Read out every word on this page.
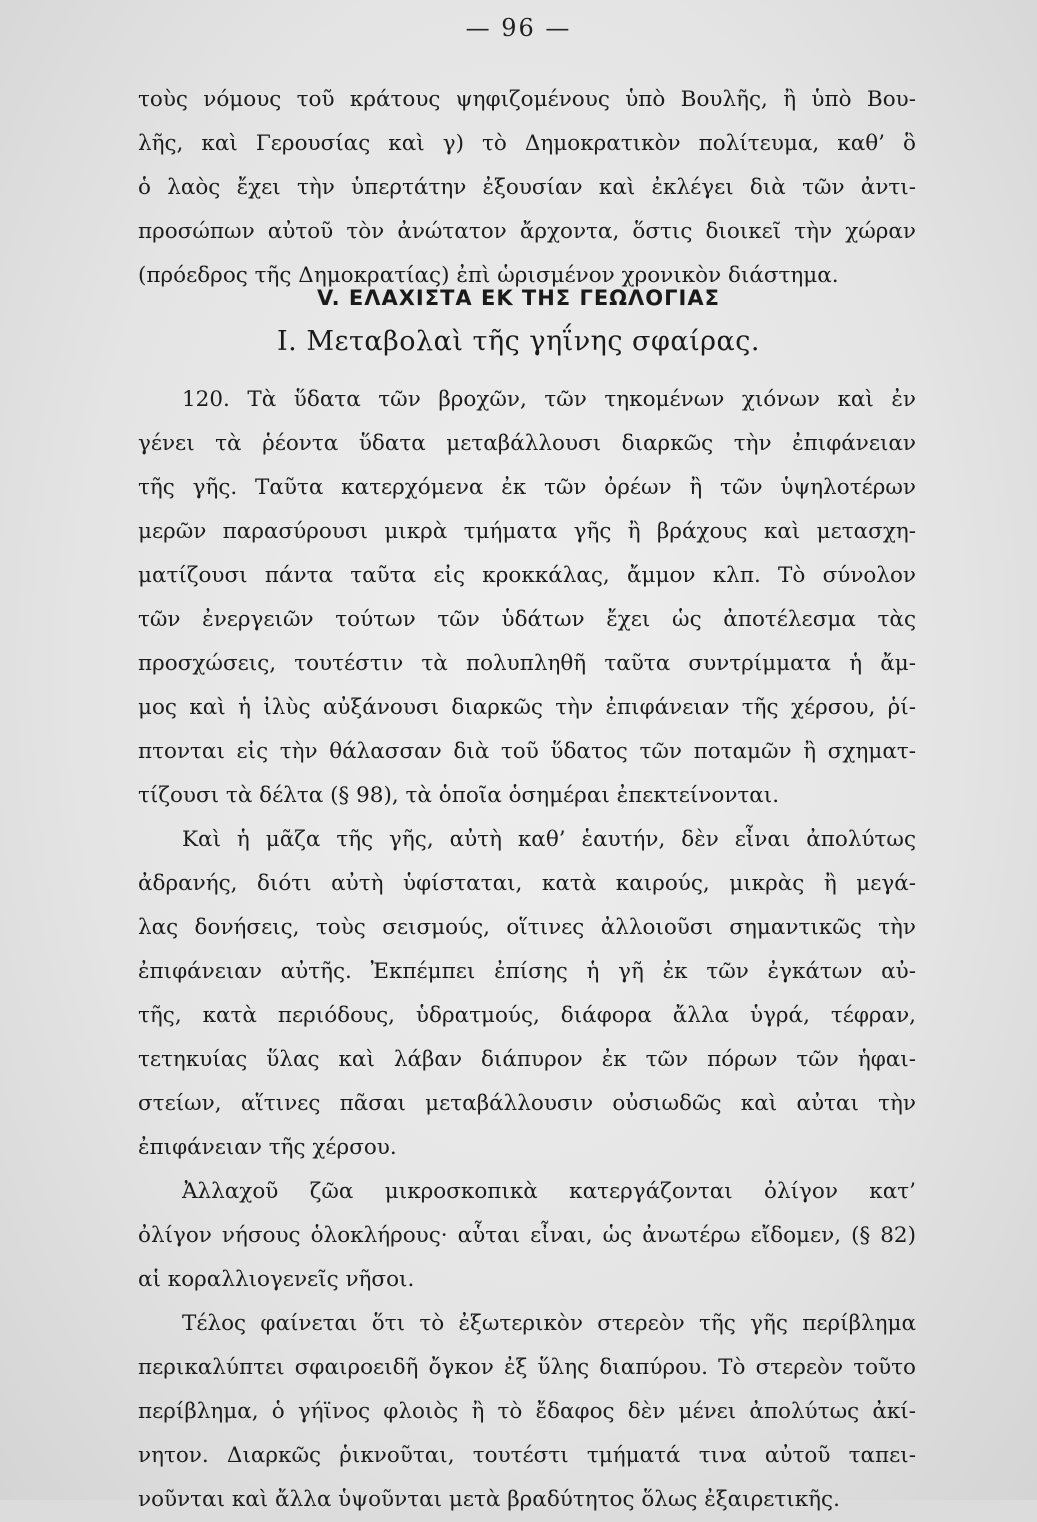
— 96 —
τοὺς νόμους τοῦ κράτους ψηφιζομένους ὑπὸ Βουλῆς, ἢ ὑπὸ Βου-
λῆς, καὶ Γερουσίας καὶ γ) τὸ Δημοκρατικὸν πολίτευμα, καθ’ ὃ
ὁ λαὸς ἔχει τὴν ὑπερτάτην ἐξουσίαν καὶ ἐκλέγει διὰ τῶν ἀντι-
προσώπων αὐτοῦ τὸν ἀνώτατον ἄρχοντα, ὅστις διοικεῖ τὴν χώραν
(πρόεδρος τῆς Δημοκρατίας) ἐπὶ ὡρισμένον χρονικὸν διάστημα.
V. ΕΛΑΧΙΣΤΑ ΕΚ ΤΗΣ ΓΕΩΛΟΓΙΑΣ
I. Μεταβολαὶ τῆς γηΐνης σφαίρας.
120. Τὰ ὕδατα τῶν βροχῶν, τῶν τηκομένων χιόνων καὶ ἐν
γένει τὰ ῥέοντα ὕδατα μεταβάλλουσι διαρκῶς τὴν ἐπιφάνειαν
τῆς γῆς. Ταῦτα κατερχόμενα ἐκ τῶν ὀρέων ἢ τῶν ὑψηλοτέρων
μερῶν παρασύρουσι μικρὰ τμήματα γῆς ἢ βράχους καὶ μετασχη-
ματίζουσι πάντα ταῦτα εἰς κροκκάλας, ἄμμον κλπ. Τὸ σύνολον
τῶν ἐνεργειῶν τούτων τῶν ὑδάτων ἔχει ὡς ἀποτέλεσμα τὰς
προσχώσεις, τουτέστιν τὰ πολυπληθῆ ταῦτα συντρίμματα ἡ ἄμ-
μος καὶ ἡ ἰλὺς αὐξάνουσι διαρκῶς τὴν ἐπιφάνειαν τῆς χέρσου, ῥί-
πτονται εἰς τὴν θάλασσαν διὰ τοῦ ὕδατος τῶν ποταμῶν ἢ σχηματ-
τίζουσι τὰ δέλτα (§ 98), τὰ ὁποῖα ὁσημέραι ἐπεκτείνονται.
Καὶ ἡ μᾶζα τῆς γῆς, αὐτὴ καθ’ ἑαυτήν, δὲν εἶναι ἀπολύτως
ἀδρανής, διότι αὐτὴ ὑφίσταται, κατὰ καιρούς, μικρὰς ἢ μεγά-
λας δονήσεις, τοὺς σεισμούς, οἵτινες ἀλλοιοῦσι σημαντικῶς τὴν
ἐπιφάνειαν αὐτῆς. Ἐκπέμπει ἐπίσης ἡ γῆ ἐκ τῶν ἐγκάτων αὐ-
τῆς, κατὰ περιόδους, ὑδρατμούς, διάφορα ἄλλα ὑγρά, τέφραν,
τετηκυίας ὕλας καὶ λάβαν διάπυρον ἐκ τῶν πόρων τῶν ἡφαι-
στείων, αἵτινες πᾶσαι μεταβάλλουσιν οὐσιωδῶς καὶ αὐται τὴν
ἐπιφάνειαν τῆς χέρσου.
Ἀλλαχοῦ ζῶα μικροσκοπικὰ κατεργάζονται ὀλίγον κατ’
ὀλίγον νήσους ὁλοκλήρους· αὗται εἶναι, ὡς ἀνωτέρω εἴδομεν, (§ 82)
αἱ κοραλλιογενεῖς νῆσοι.
Τέλος φαίνεται ὅτι τὸ ἐξωτερικὸν στερεὸν τῆς γῆς περίβλημα
περικαλύπτει σφαιροειδῆ ὄγκον ἐξ ὕλης διαπύρου. Τὸ στερεὸν τοῦτο
περίβλημα, ὁ γήϊνος φλοιὸς ἢ τὸ ἔδαφος δὲν μένει ἀπολύτως ἀκί-
νητον. Διαρκῶς ῥικνοῦται, τουτέστι τμήματά τινα αὐτοῦ ταπει-
νοῦνται καὶ ἄλλα ὑψοῦνται μετὰ βραδύτητος ὅλως ἐξαιρετικῆς.
